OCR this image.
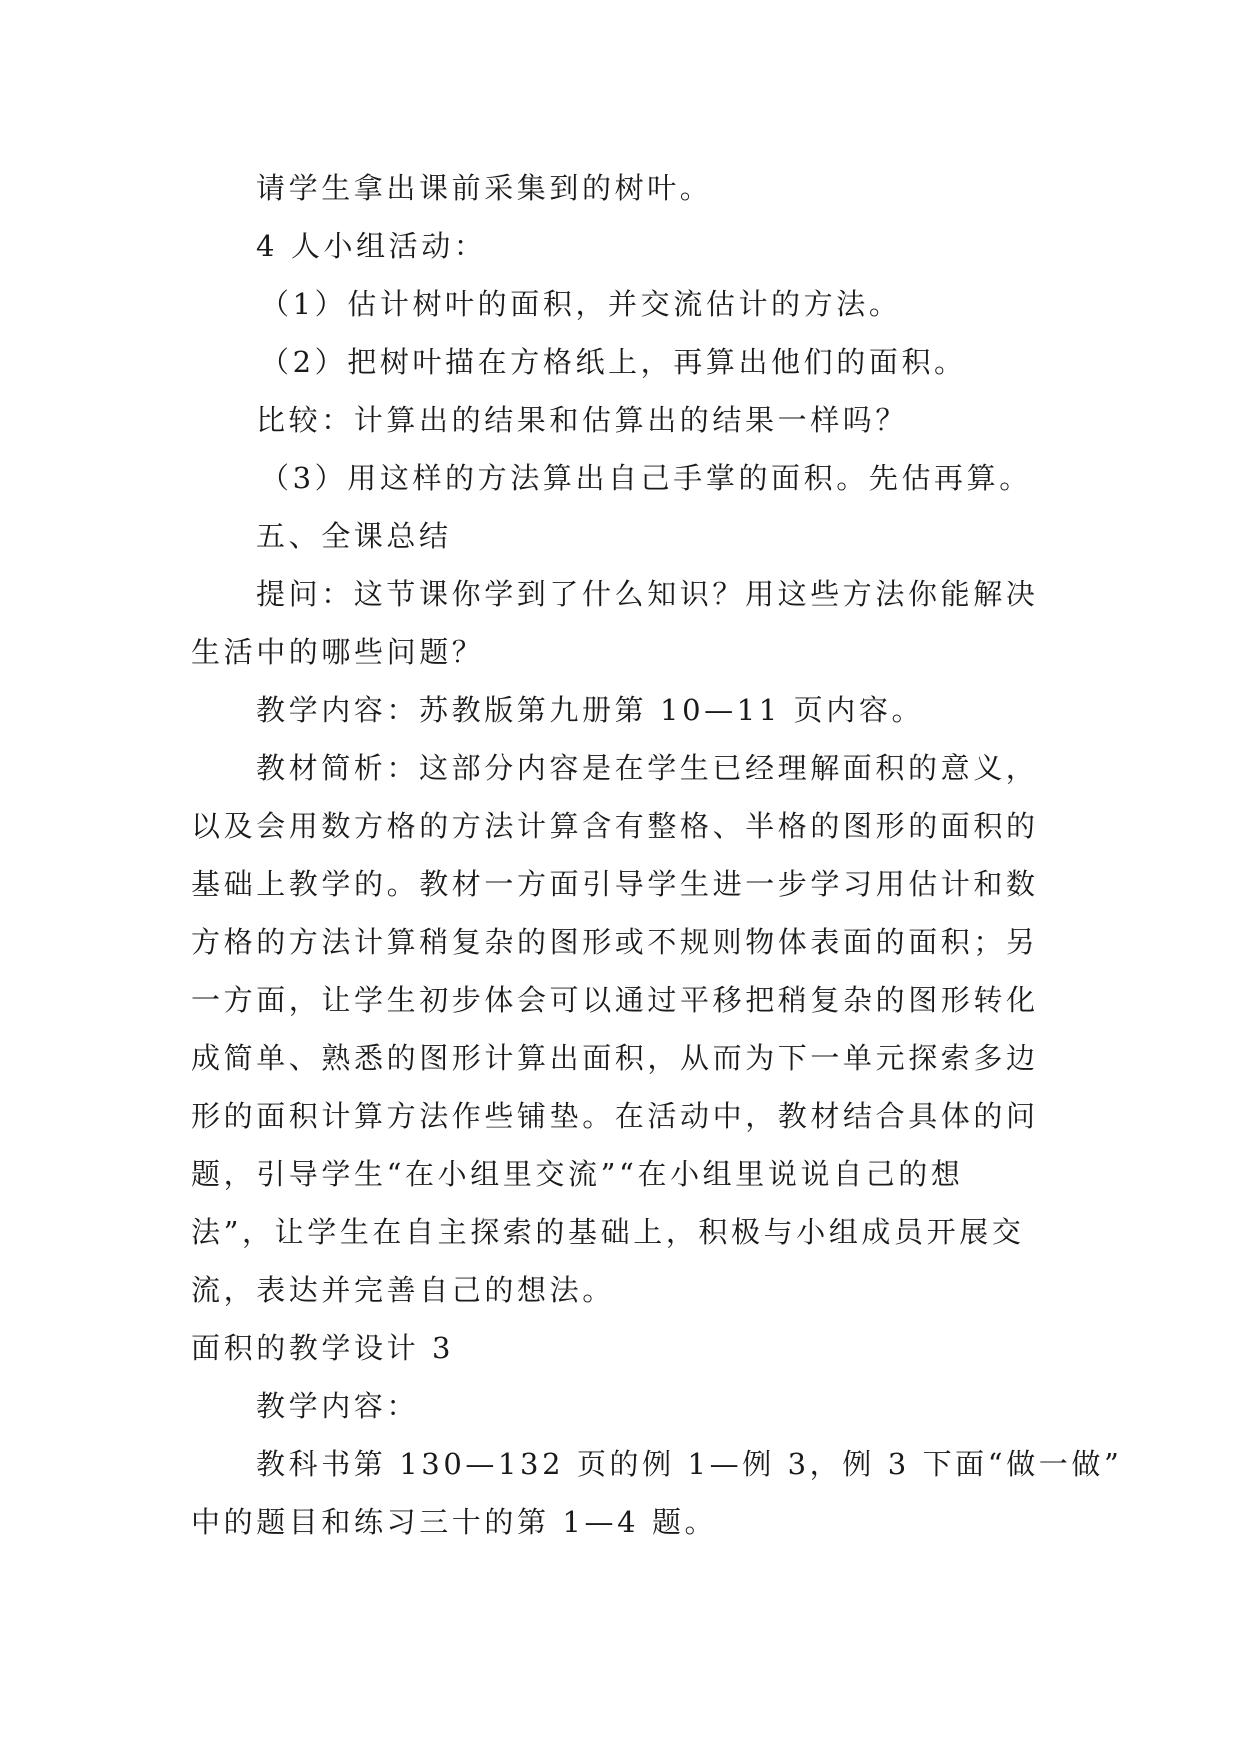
请学生拿出课前采集到的树叶。
4 人小组活动：
（1）估计树叶的面积，并交流估计的方法。
（2）把树叶描在方格纸上，再算出他们的面积。
比较：计算出的结果和估算出的结果一样吗？
（3）用这样的方法算出自己手掌的面积。先估再算。
五、全课总结
提问：这节课你学到了什么知识？用这些方法你能解决
生活中的哪些问题？
教学内容：苏教版第九册第 10—11 页内容。
教材简析：这部分内容是在学生已经理解面积的意义，
以及会用数方格的方法计算含有整格、半格的图形的面积的
基础上教学的。教材一方面引导学生进一步学习用估计和数
方格的方法计算稍复杂的图形或不规则物体表面的面积；另
一方面，让学生初步体会可以通过平移把稍复杂的图形转化
成简单、熟悉的图形计算出面积，从而为下一单元探索多边
形的面积计算方法作些铺垫。在活动中，教材结合具体的问
题，引导学生“在小组里交流”“在小组里说说自己的想
法”，让学生在自主探索的基础上，积极与小组成员开展交
流，表达并完善自己的想法。
面积的教学设计 3
教学内容：
教科书第 130—132 页的例 1—例 3，例 3 下面“做一做”
中的题目和练习三十的第 1—4 题。
